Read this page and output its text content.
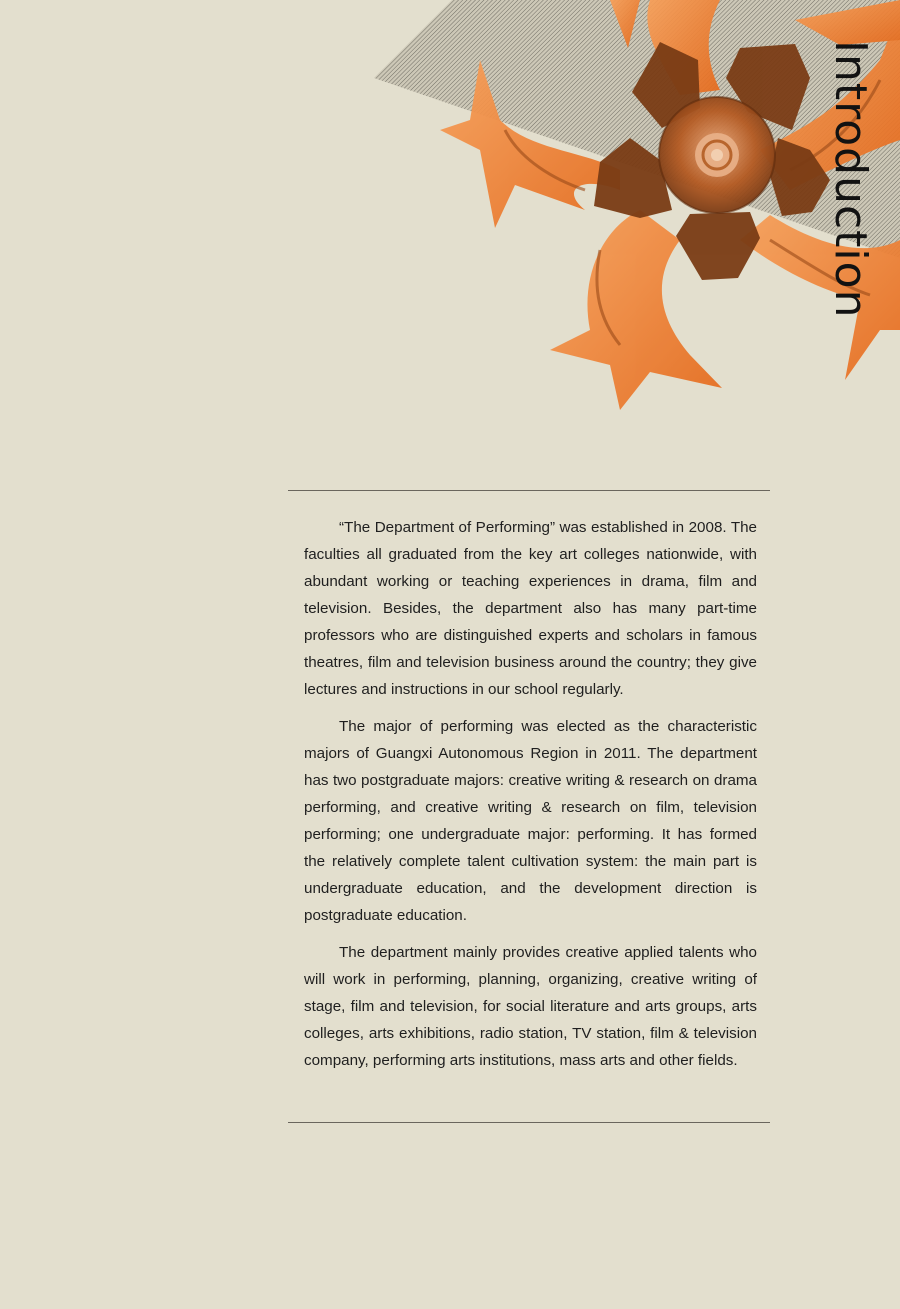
Introduction

“The Department of Performing” was established in 2008. The faculties all graduated from the key art colleges nationwide, with abundant working or teaching experiences in drama, film and television. Besides, the department also has many part-time professors who are distinguished experts and scholars in famous theatres, film and television business around the country; they give lectures and instructions in our school regularly.

The major of performing was elected as the characteristic majors of Guangxi Autonomous Region in 2011. The department has two postgraduate majors: creative writing & research on drama performing, and creative writing & research on film, television performing; one undergraduate major: performing. It has formed the relatively complete talent cultivation system: the main part is undergraduate education, and the development direction is postgraduate education.

The department mainly provides creative applied talents who will work in performing, planning, organizing, creative writing of stage, film and television, for social literature and arts groups, arts colleges, arts exhibitions, radio station, TV station, film & television company, performing arts institutions, mass arts and other fields.
